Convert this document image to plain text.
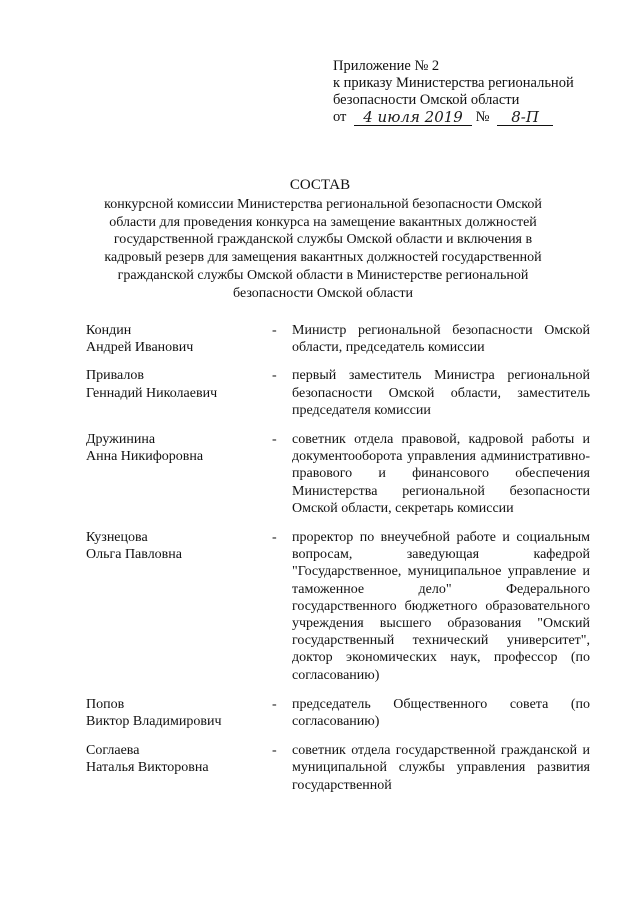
Приложение № 2
к приказу Министерства региональной
безопасности Омской области
от 4 июля 2019 № 8-П
СОСТАВ
конкурсной комиссии Министерства региональной безопасности Омской области для проведения конкурса на замещение вакантных должностей государственной гражданской службы Омской области и включения в кадровый резерв для замещения вакантных должностей государственной гражданской службы Омской области в Министерстве региональной безопасности Омской области
Кондин
Андрей Иванович
-	Министр региональной безопасности Омской области, председатель комиссии
Привалов
Геннадий Николаевич
-	первый заместитель Министра региональной безопасности Омской области, заместитель председателя комиссии
Дружинина
Анна Никифоровна
-	советник отдела правовой, кадровой работы и документооборота управления административно-правового и финансового обеспечения Министерства региональной безопасности Омской области, секретарь комиссии
Кузнецова
Ольга Павловна
-	проректор по внеучебной работе и социальным вопросам, заведующая кафедрой "Государственное, муниципальное управление и таможенное дело" Федерального государственного бюджетного образовательного учреждения высшего образования "Омский государственный технический университет", доктор экономических наук, профессор (по согласованию)
Попов
Виктор Владимирович
-	председатель Общественного совета (по согласованию)
Соглаева
Наталья Викторовна
-	советник отдела государственной гражданской и муниципальной службы управления развития государственной
